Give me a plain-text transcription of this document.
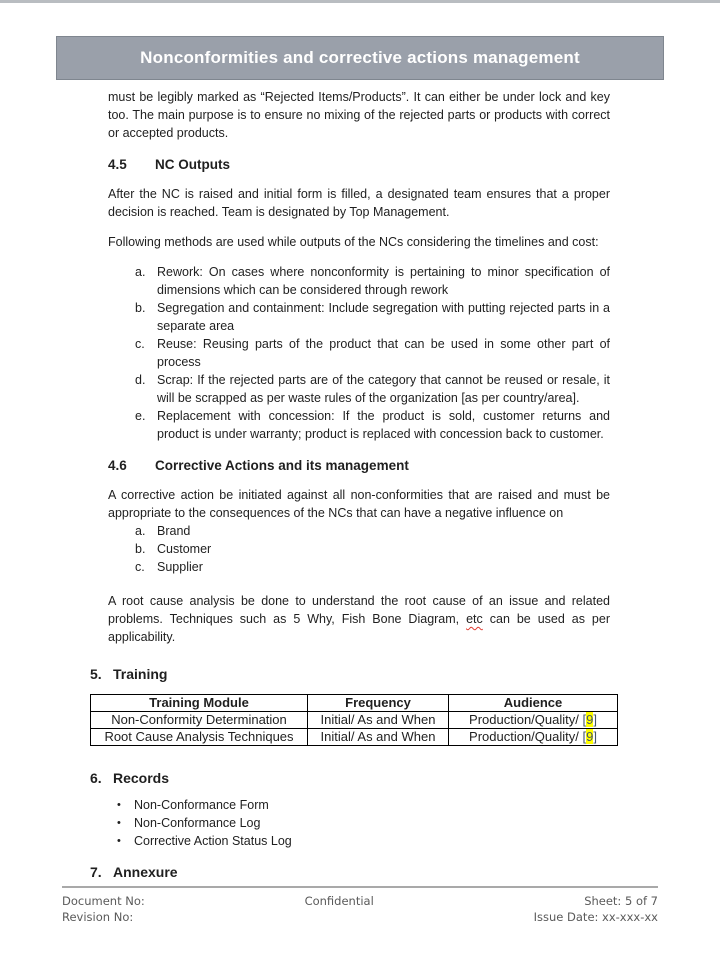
Nonconformities and corrective actions management

must be legibly marked as “Rejected Items/Products”. It can either be under lock and key too. The main purpose is to ensure no mixing of the rejected parts or products with correct or accepted products.

4.5	NC Outputs

After the NC is raised and initial form is filled, a designated team ensures that a proper decision is reached. Team is designated by Top Management.

Following methods are used while outputs of the NCs considering the timelines and cost:

a. Rework: On cases where nonconformity is pertaining to minor specification of dimensions which can be considered through rework
b. Segregation and containment: Include segregation with putting rejected parts in a separate area
c. Reuse: Reusing parts of the product that can be used in some other part of process
d. Scrap: If the rejected parts are of the category that cannot be reused or resale, it will be scrapped as per waste rules of the organization [as per country/area].
e. Replacement with concession: If the product is sold, customer returns and product is under warranty; product is replaced with concession back to customer.
4.6	Corrective Actions and its management

A corrective action be initiated against all non-conformities that are raised and must be appropriate to the consequences of the NCs that can have a negative influence on

a. Brand
b. Customer
c. Supplier

A root cause analysis be done to understand the root cause of an issue and related problems. Techniques such as 5 Why, Fish Bone Diagram, etc can be used as per applicability.

5. Training
Training Module	Frequency	Audience
Non-Conformity Determination	Initial/ As and When	Production/Quality/ [9]
Root Cause Analysis Techniques	Initial/ As and When	Production/Quality/ [9]
6. Records
•	Non-Conformance Form
•	Non-Conformance Log
•	Corrective Action Status Log
7. Annexure
Document No:
Revision No:
Confidential	Sheet: 5 of 7
Issue Date: xx-xxx-xx
